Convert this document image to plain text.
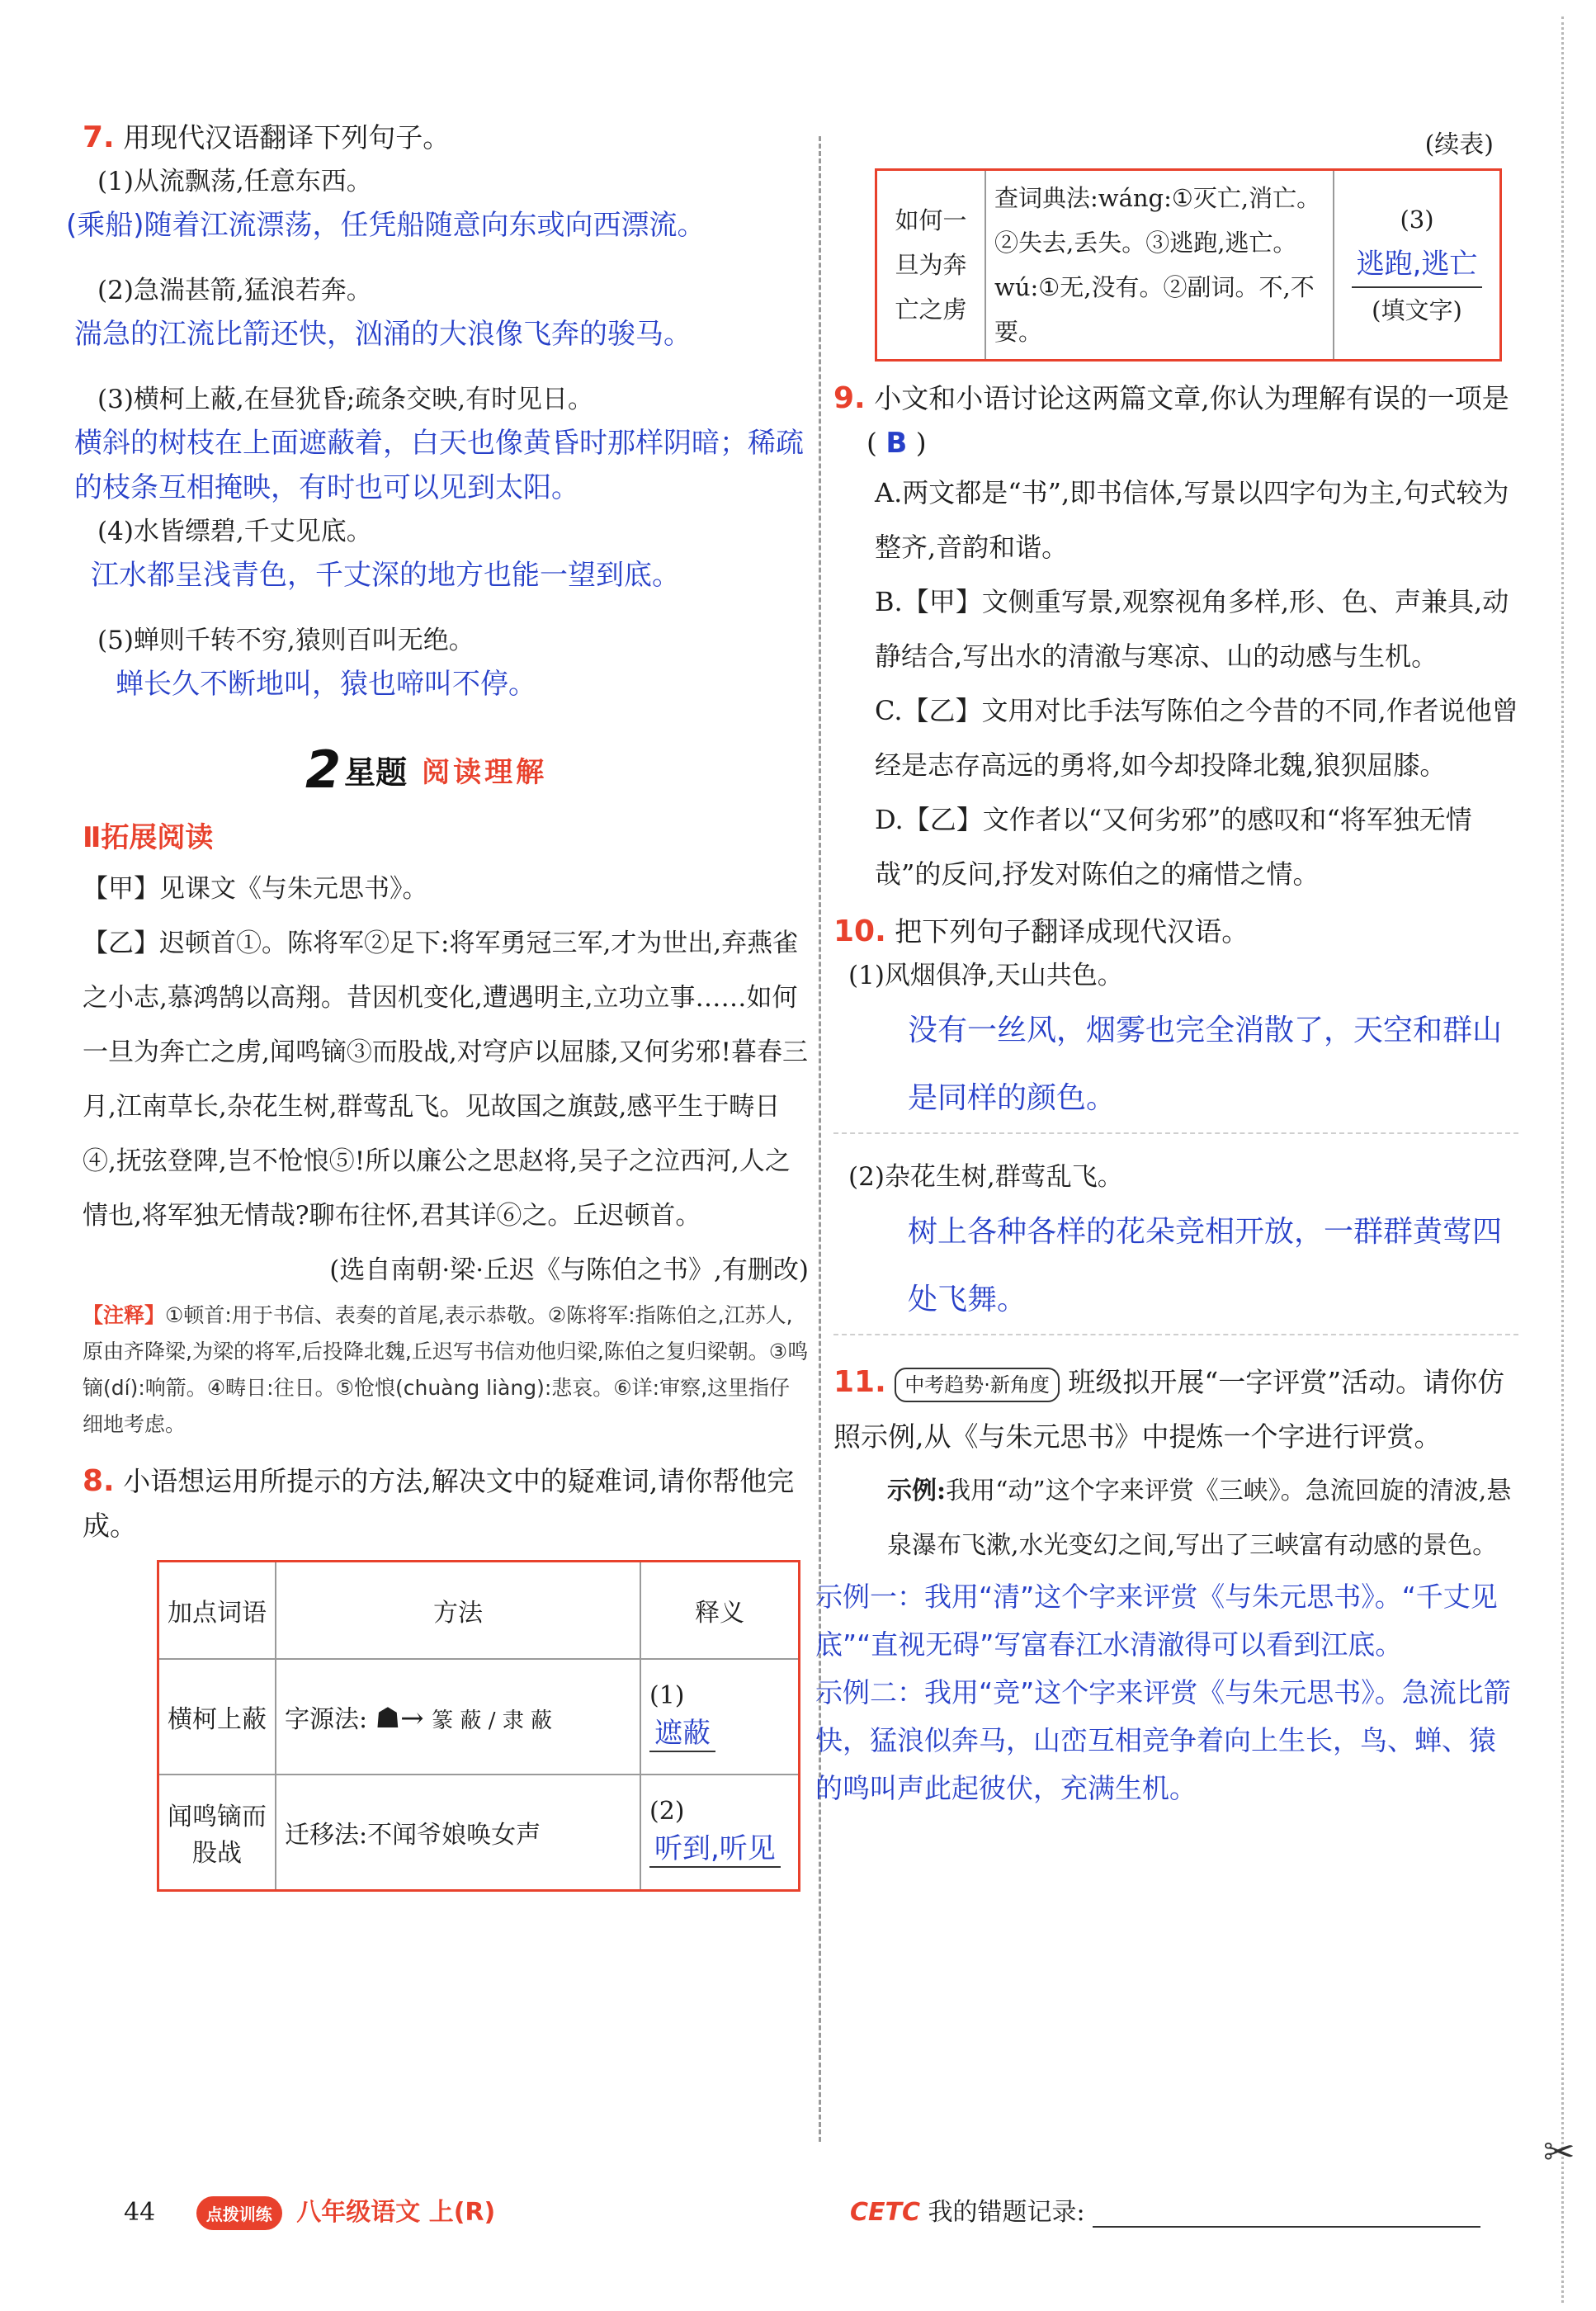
✂
7. 用现代汉语翻译下列句子。
(1)从流飘荡,任意东西。
(乘船)随着江流漂荡，任凭船随意向东或向西漂流。
(2)急湍甚箭,猛浪若奔。
湍急的江流比箭还快，汹涌的大浪像飞奔的骏马。
(3)横柯上蔽,在昼犹昏;疏条交映,有时见日。
横斜的树枝在上面遮蔽着，白天也像黄昏时那样阴暗；稀疏的枝条互相掩映，有时也可以见到太阳。
(4)水皆缥碧,千丈见底。
江水都呈浅青色，千丈深的地方也能一望到底。
(5)蝉则千转不穷,猿则百叫无绝。
蝉长久不断地叫，猿也啼叫不停。
2 星题 阅读理解
Ⅱ拓展阅读
【甲】见课文《与朱元思书》。
【乙】迟顿首①。陈将军②足下:将军勇冠三军,才为世出,弃燕雀之小志,慕鸿鹄以高翔。昔因机变化,遭遇明主,立功立事……如何一旦为奔亡之虏,闻鸣镝③而股战,对穹庐以屈膝,又何劣邪!暮春三月,江南草长,杂花生树,群莺乱飞。见故国之旗鼓,感平生于畴日④,抚弦登陴,岂不怆悢⑤!所以廉公之思赵将,吴子之泣西河,人之情也,将军独无情哉?聊布往怀,君其详⑥之。丘迟顿首。
(选自南朝·梁·丘迟《与陈伯之书》,有删改)
【注释】①顿首:用于书信、表奏的首尾,表示恭敬。②陈将军:指陈伯之,江苏人,原由齐降梁,为梁的将军,后投降北魏,丘迟写书信劝他归梁,陈伯之复归梁朝。③鸣镝(dí):响箭。④畴日:往日。⑤怆悢(chuàng liàng):悲哀。⑥详:审察,这里指仔细地考虑。
8. 小语想运用所提示的方法,解决文中的疑难词,请你帮他完成。
加点词语	方法	释义
横柯上蔽	字源法: ☗→ 篆 蔽 / 隶 蔽	(1)
遮蔽
闻鸣镝而股战	迁移法:不闻爷娘唤女声	(2) 听到,听见
(续表)
如何一旦为奔亡之虏	查词典法:wáng:①灭亡,消亡。②失去,丢失。③逃跑,逃亡。wú:①无,没有。②副词。不,不要。	(3) 逃跑,逃亡
(填文字)
9. 小文和小语讨论这两篇文章,你认为理解有误的一项是 ( B )
A.两文都是“书”,即书信体,写景以四字句为主,句式较为整齐,音韵和谐。
B.【甲】文侧重写景,观察视角多样,形、色、声兼具,动静结合,写出水的清澈与寒凉、山的动感与生机。
C.【乙】文用对比手法写陈伯之今昔的不同,作者说他曾经是志存高远的勇将,如今却投降北魏,狼狈屈膝。
D.【乙】文作者以“又何劣邪”的感叹和“将军独无情哉”的反问,抒发对陈伯之的痛惜之情。
10. 把下列句子翻译成现代汉语。
(1)风烟俱净,天山共色。
没有一丝风，烟雾也完全消散了，天空和群山是同样的颜色。
(2)杂花生树,群莺乱飞。
树上各种各样的花朵竞相开放，一群群黄莺四处飞舞。
11. 中考趋势·新角度 班级拟开展“一字评赏”活动。请你仿照示例,从《与朱元思书》中提炼一个字进行评赏。
示例:我用“动”这个字来评赏《三峡》。急流回旋的清波,悬泉瀑布飞漱,水光变幻之间,写出了三峡富有动感的景色。
示例一：我用“清”这个字来评赏《与朱元思书》。“千丈见底”“直视无碍”写富春江水清澈得可以看到江底。
示例二：我用“竞”这个字来评赏《与朱元思书》。急流比箭快，猛浪似奔马，山峦互相竞争着向上生长，鸟、蝉、猿的鸣叫声此起彼伏，充满生机。
44	点拨训练 八年级语文 上(R)	CETC 我的错题记录:
